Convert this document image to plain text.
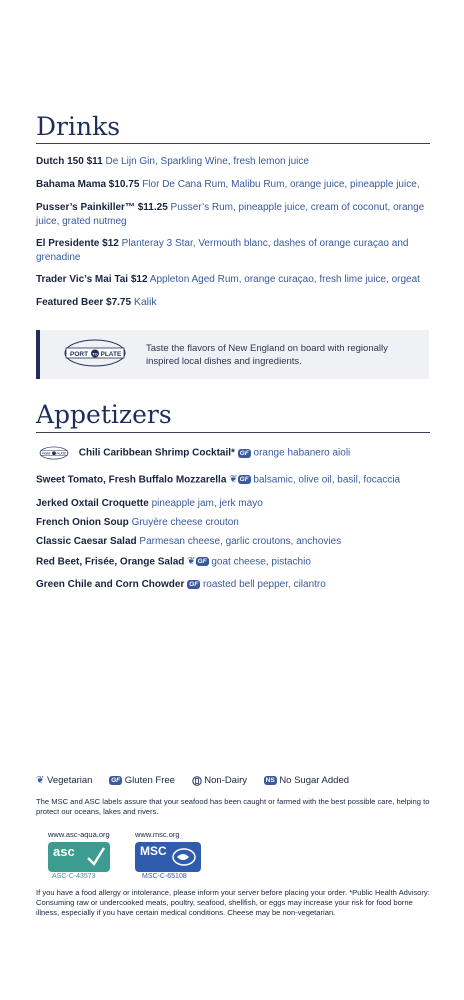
Drinks
Dutch 150 $11 De Lijn Gin, Sparkling Wine, fresh lemon juice
Bahama Mama $10.75 Flor De Cana Rum, Malibu Rum, orange juice, pineapple juice,
Pusser’s Painkiller™ $11.25 Pusser’s Rum, pineapple juice, cream of coconut, orange juice, grated nutmeg
El Presidente $12 Planteray 3 Star, Vermouth blanc, dashes of orange curaçao and grenadine
Trader Vic’s Mai Tai $12 Appleton Aged Rum, orange curaçao, fresh lime juice, orgeat
Featured Beer $7.75 Kalik
PORT TO PLATE
Taste the flavors of New England on board with regionally inspired local dishes and ingredients.
Appetizers
PORT PLATE Chili Caribbean Shrimp Cocktail* GF orange habanero aioli
Sweet Tomato, Fresh Buffalo Mozzarella ❦ GF balsamic, olive oil, basil, focaccia
Jerked Oxtail Croquette pineapple jam, jerk mayo
French Onion Soup Gruyère cheese crouton
Classic Caesar Salad Parmesan cheese, garlic croutons, anchovies
Red Beet, Frisée, Orange Salad ❦ GF goat cheese, pistachio
Green Chile and Corn Chowder GF roasted bell pepper, cilantro
❦ Vegetarian	GF Gluten Free	Non-Dairy	NS No Sugar Added
The MSC and ASC labels assure that your seafood has been caught or farmed with the best possible care, helping to protect our oceans, lakes and rivers.
www.asc-aqua.org	www.msc.org
asc
ASC-C-43573
MSC
MSC-C-65108
If you have a food allergy or intolerance, please inform your server before placing your order. *Public Health Advisory: Consuming raw or undercooked meats, poultry, seafood, shellfish, or eggs may increase your risk for food borne illness, especially if you have certain medical conditions. Cheese may be non-vegetarian.
